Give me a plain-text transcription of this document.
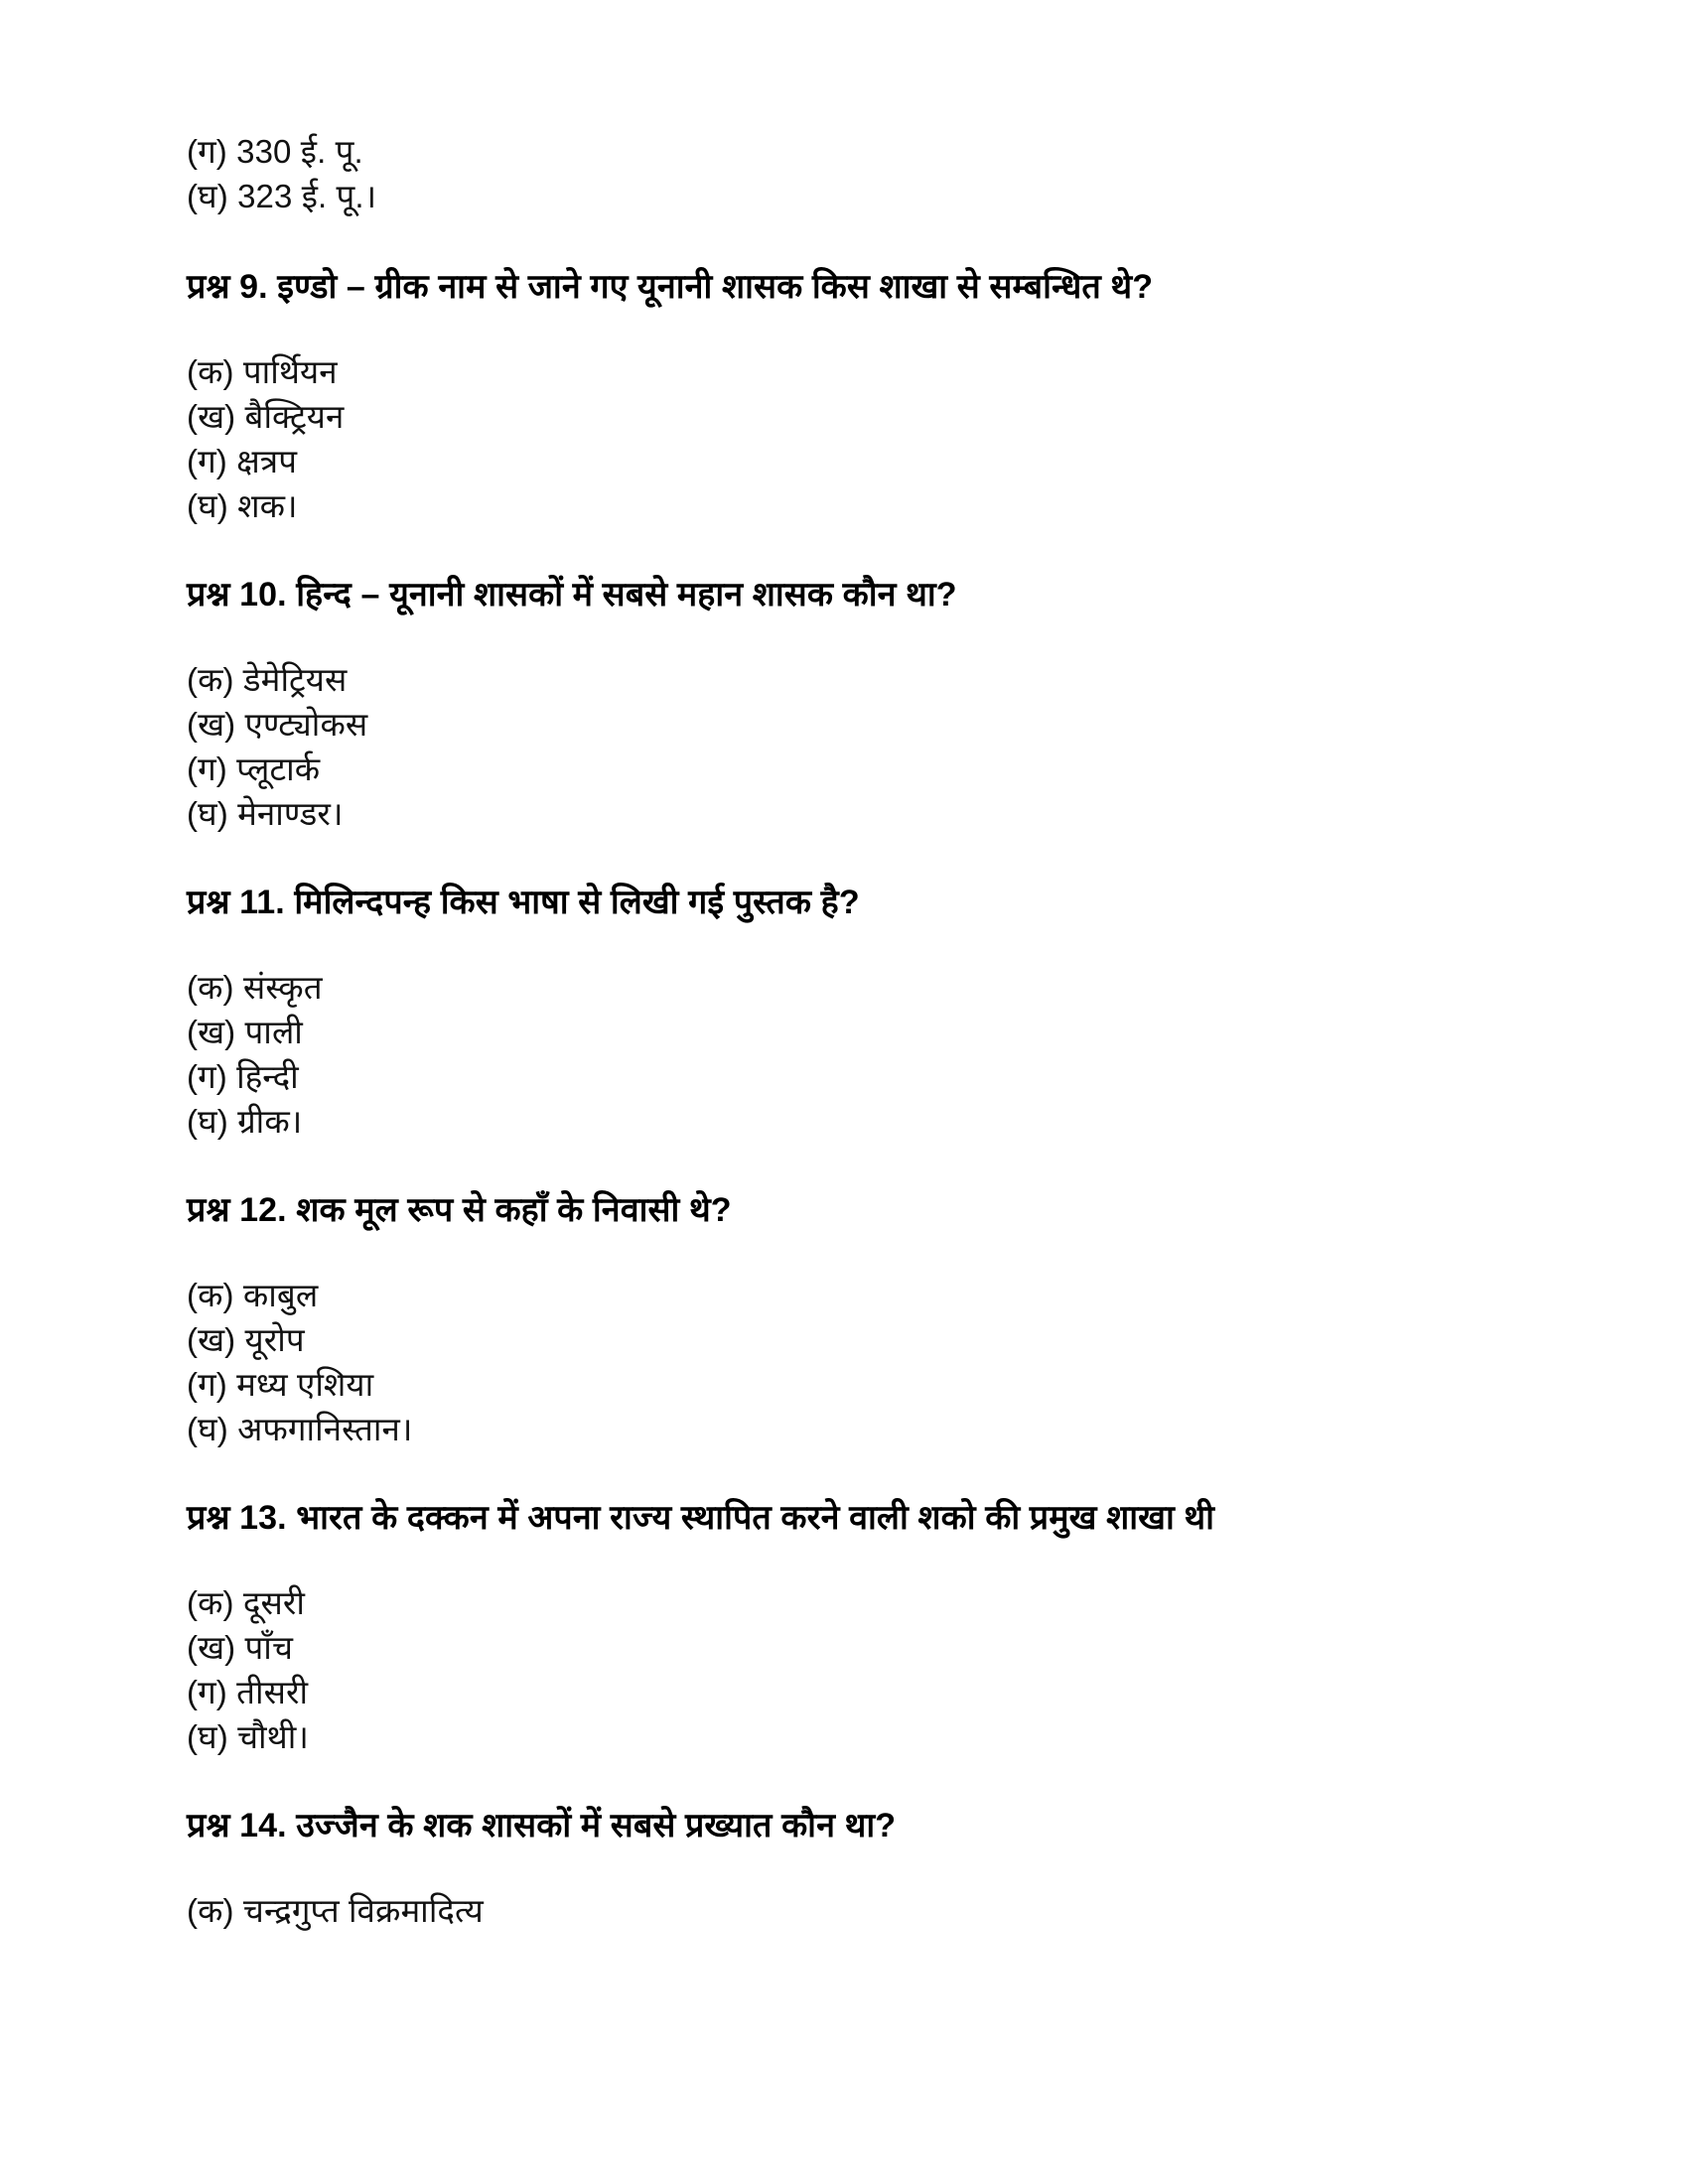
(ग) 330 ई. पू.
(घ) 323 ई. पू.।
प्रश्न 9. इण्डो – ग्रीक नाम से जाने गए यूनानी शासक किस शाखा से सम्बन्धित थे?
(क) पार्थियन
(ख) बैक्ट्रियन
(ग) क्षत्रप
(घ) शक।
प्रश्न 10. हिन्द – यूनानी शासकों में सबसे महान शासक कौन था?
(क) डेमेट्रियस
(ख) एण्ट्योकस
(ग) प्लूटार्क
(घ) मेनाण्डर।
प्रश्न 11. मिलिन्दपन्ह किस भाषा से लिखी गई पुस्तक है?
(क) संस्कृत
(ख) पाली
(ग) हिन्दी
(घ) ग्रीक।
प्रश्न 12. शक मूल रूप से कहाँ के निवासी थे?
(क) काबुल
(ख) यूरोप
(ग) मध्य एशिया
(घ) अफगानिस्तान।
प्रश्न 13. भारत के दक्कन में अपना राज्य स्थापित करने वाली शको की प्रमुख शाखा थी
(क) दूसरी
(ख) पाँच
(ग) तीसरी
(घ) चौथी।
प्रश्न 14. उज्जैन के शक शासकों में सबसे प्रख्यात कौन था?
(क) चन्द्रगुप्त विक्रमादित्य
